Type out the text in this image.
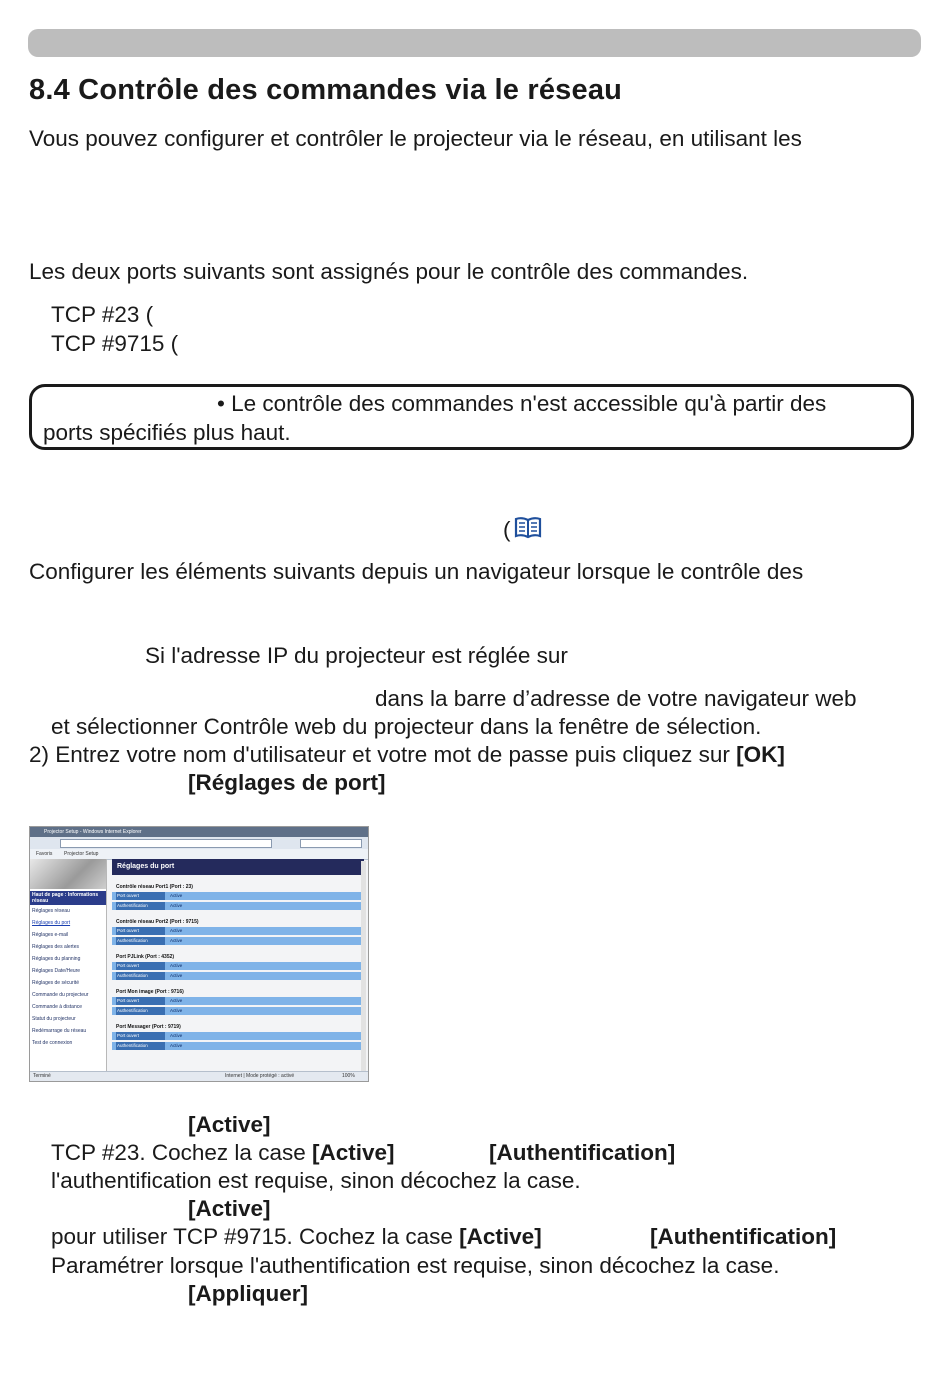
8.4 Contrôle des commandes via le réseau
Vous pouvez configurer et contrôler le projecteur via le réseau, en utilisant les
Les deux ports suivants sont assignés pour le contrôle des commandes.
TCP #23 (
TCP #9715 (
• Le contrôle des commandes n'est accessible qu'à partir des
ports spécifiés plus haut.
(
Configurer les éléments suivants depuis un navigateur lorsque le contrôle des
Si l'adresse IP du projecteur est réglée sur
dans la barre d’adresse de votre navigateur web
et sélectionner Contrôle web du projecteur dans la fenêtre de sélection.
2) Entrez votre nom d'utilisateur et votre mot de passe puis cliquez sur [OK]
[Réglages de port]
Projector Setup - Windows Internet Explorer
Favoris Projector Setup
Haut de page : Informations réseau
Réglages réseau
Réglages du port
Réglages e-mail
Réglages des alertes
Réglages du planning
Réglages Date/Heure
Réglages de sécurité
Commande du projecteur
Commande à distance
Statut du projecteur
Redémarrage du réseau
Test de connexion
Réglages du port
Contrôle réseau Port1 (Port : 23)
Port ouvert	Active
Authentification	Active
Contrôle réseau Port2 (Port : 9715)
Port ouvert	Active
Authentification	Active
Port PJLink (Port : 4352)
Port ouvert	Active
Authentification	Active
Port Mon image (Port : 9716)
Port ouvert	Active
Authentification	Active
Port Messager (Port : 9719)
Port ouvert	Active
Authentification	Active
Terminé	Internet | Mode protégé : activé	100%
[Active]
TCP #23. Cochez la case [Active]	[Authentification]
l'authentification est requise, sinon décochez la case.
[Active]
pour utiliser TCP #9715. Cochez la case [Active]	[Authentification]
Paramétrer lorsque l'authentification est requise, sinon décochez la case.
[Appliquer]
